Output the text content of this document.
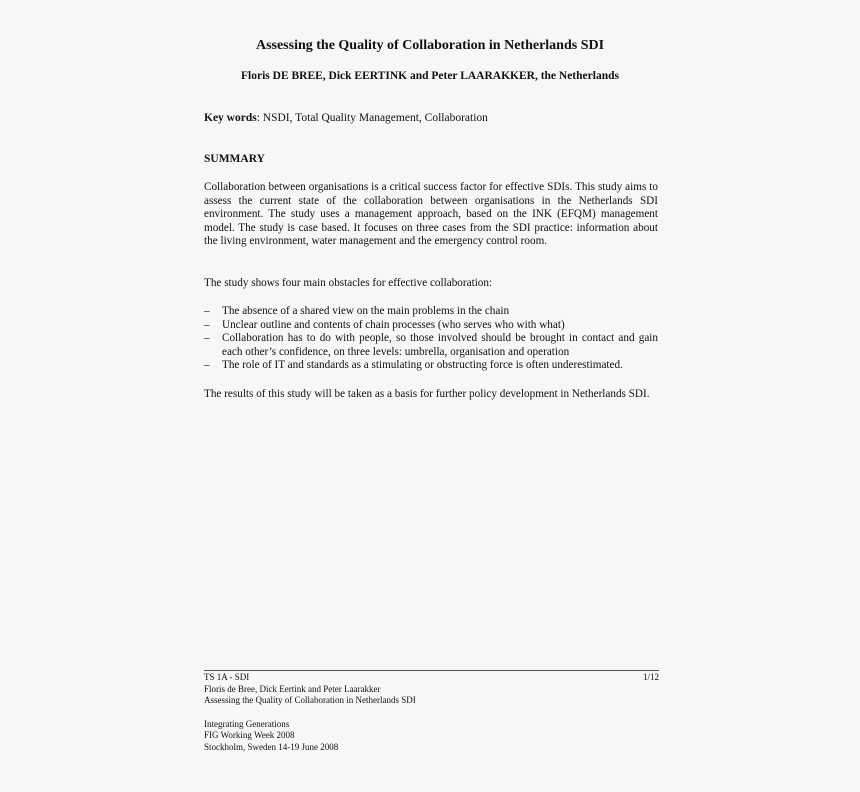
Assessing the Quality of Collaboration in Netherlands SDI
Floris DE BREE, Dick EERTINK and Peter LAARAKKER, the Netherlands
Key words: NSDI, Total Quality Management, Collaboration
SUMMARY
Collaboration between organisations is a critical success factor for effective SDIs. This study aims to assess the current state of the collaboration between organisations in the Netherlands SDI environment. The study uses a management approach, based on the INK (EFQM) management model. The study is case based. It focuses on three cases from the SDI practice: information about the living environment, water management and the emergency control room.
The study shows four main obstacles for effective collaboration:
– The absence of a shared view on the main problems in the chain
– Unclear outline and contents of chain processes (who serves who with what)
– Collaboration has to do with people, so those involved should be brought in contact and gain each other’s confidence, on three levels: umbrella, organisation and operation
– The role of IT and standards as a stimulating or obstructing force is often underestimated.
The results of this study will be taken as a basis for further policy development in Netherlands SDI.
TS 1A - SDI	1/12
Floris de Bree, Dick Eertink and Peter Laarakker
Assessing the Quality of Collaboration in Netherlands SDI
Integrating Generations
FIG Working Week 2008
Stockholm, Sweden 14-19 June 2008
